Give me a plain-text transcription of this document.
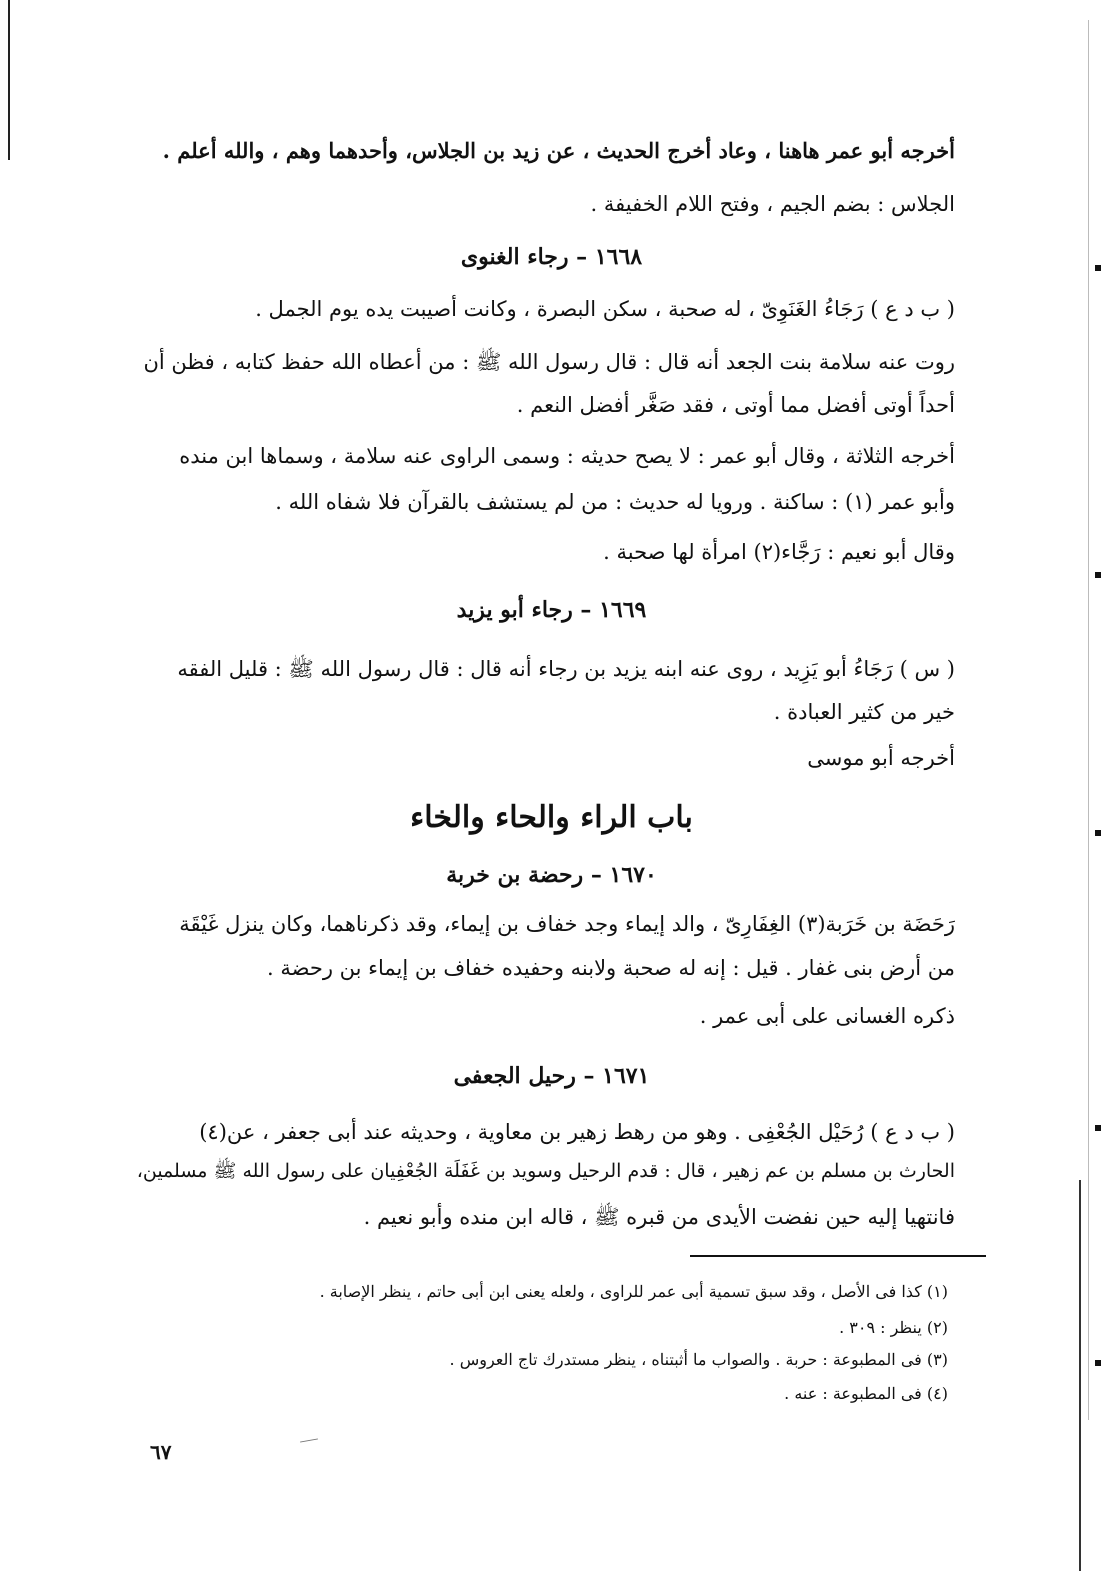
أخرجه أبو عمر هاهنا ، وعاد أخرج الحديث ، عن زيد بن الجلاس، وأحدهما وهم ، والله أعلم .
الجلاس : بضم الجيم ، وفتح اللام الخفيفة .
١٦٦٨ – رجاء الغنوى
( ب د ع ) رَجَاءُ الغَنَوِىّ ، له صحبة ، سكن البصرة ، وكانت أصيبت يده يوم الجمل .
روت عنه سلامة بنت الجعد أنه قال : قال رسول الله ﷺ : من أعطاه الله حفظ كتابه ، فظن أن
أحداً أوتى أفضل مما أوتى ، فقد صَغَّر أفضل النعم .
أخرجه الثلاثة ، وقال أبو عمر : لا يصح حديثه : وسمى الراوى عنه سلامة ، وسماها ابن منده
وأبو عمر (١) : ساكنة . ورويا له حديث : من لم يستشف بالقرآن فلا شفاه الله .
وقال أبو نعيم : رَجَّاء(٢) امرأة لها صحبة .
١٦٦٩ – رجاء أبو يزيد
( س ) رَجَاءُ أبو يَزِيد ، روى عنه ابنه يزيد بن رجاء أنه قال : قال رسول الله ﷺ : قليل الفقه
خير من كثير العبادة .
أخرجه أبو موسى
باب الراء والحاء والخاء
١٦٧٠ – رحضة بن خربة
رَحَضَة بن خَرَبة(٣) الغِفَارِىّ ، والد إيماء وجد خفاف بن إيماء، وقد ذكرناهما، وكان ينزل غَيْقَة
من أرض بنى غفار . قيل : إنه له صحبة ولابنه وحفيده خفاف بن إيماء بن رحضة .
ذكره الغسانى على أبى عمر .
١٦٧١ – رحيل الجعفى
( ب د ع ) رُحَيْل الجُعْفِى . وهو من رهط زهير بن معاوية ، وحديثه عند أبى جعفر ، عن(٤)
الحارث بن مسلم بن عم زهير ، قال : قدم الرحيل وسويد بن غَفَلَة الجُعْفِيان على رسول الله ﷺ مسلمين،
فانتهيا إليه حين نفضت الأيدى من قبره ﷺ ، قاله ابن منده وأبو نعيم .
(١) كذا فى الأصل ، وقد سبق تسمية أبى عمر للراوى ، ولعله يعنى ابن أبى حاتم ، ينظر الإصابة .
(٢) ينظر : ٣٠٩ .
(٣) فى المطبوعة : حربة . والصواب ما أثبتناه ، ينظر مستدرك تاج العروس .
(٤) فى المطبوعة : عنه .
٦٧
